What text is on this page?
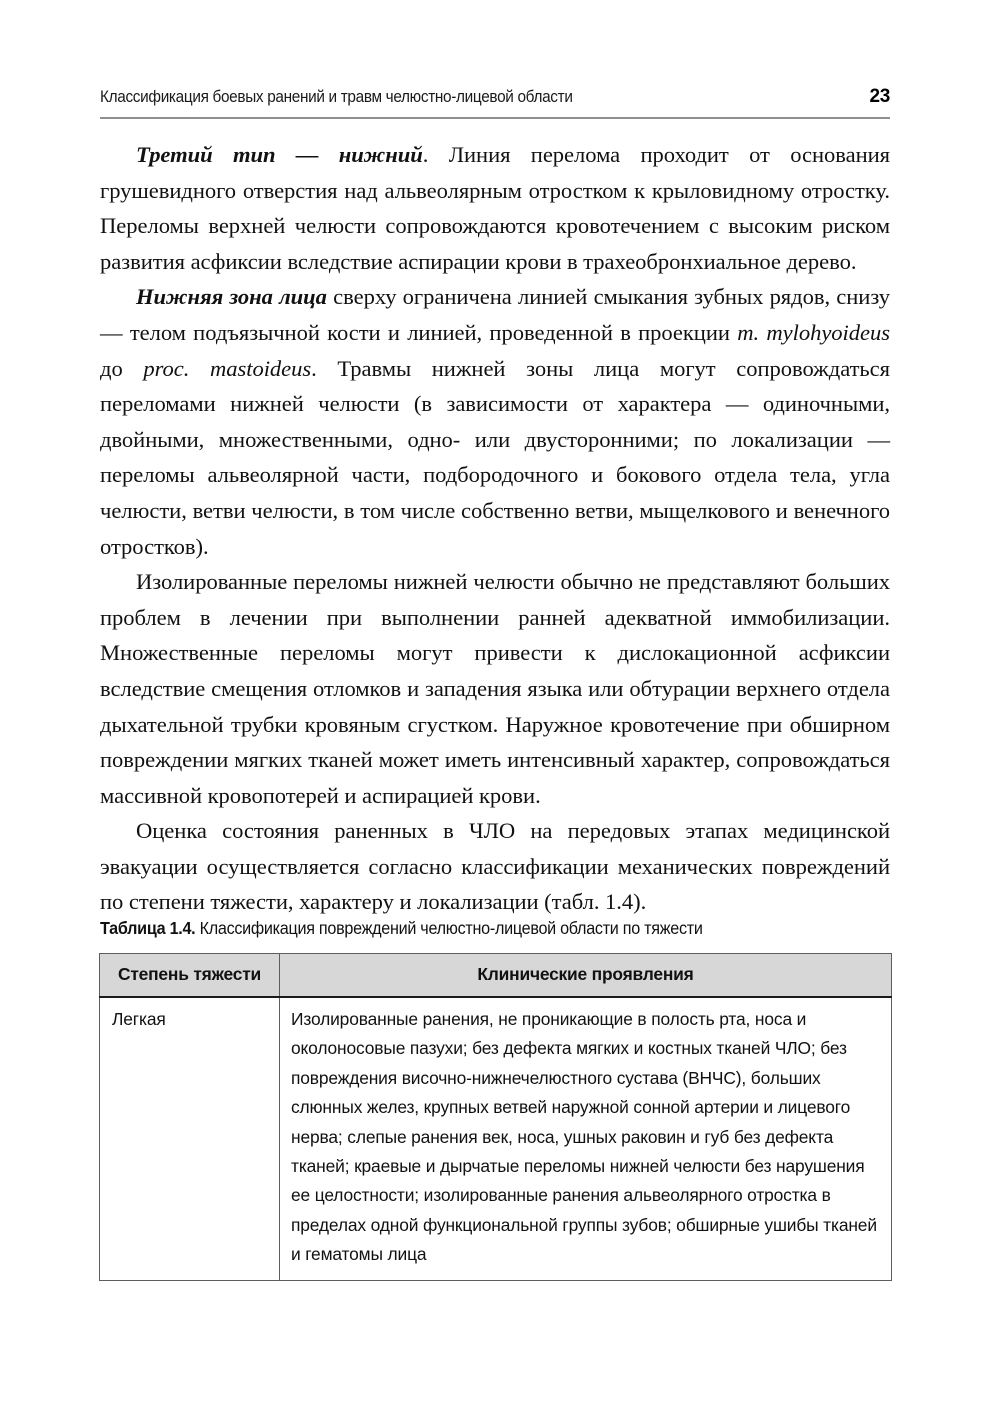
Классификация боевых ранений и травм челюстно-лицевой области	23

Третий тип — нижний. Линия перелома проходит от основания грушевидного отверстия над альвеолярным отростком к крыловидному отростку. Переломы верхней челюсти сопровождаются кровотечением с высоким риском развития асфиксии вследствие аспирации крови в трахеобронхиальное дерево.

Нижняя зона лица сверху ограничена линией смыкания зубных рядов, снизу — телом подъязычной кости и линией, проведенной в проекции m. mylohyoideus до proc. mastoideus. Травмы нижней зоны лица могут сопровождаться переломами нижней челюсти (в зависимости от характера — одиночными, двойными, множественными, одно- или двусторонними; по локализации — переломы альвеолярной части, подбородочного и бокового отдела тела, угла челюсти, ветви челюсти, в том числе собственно ветви, мыщелкового и венечного отростков).

Изолированные переломы нижней челюсти обычно не представляют больших проблем в лечении при выполнении ранней адекватной иммобилизации. Множественные переломы могут привести к дислокационной асфиксии вследствие смещения отломков и западения языка или обтурации верхнего отдела дыхательной трубки кровяным сгустком. Наружное кровотечение при обширном повреждении мягких тканей может иметь интенсивный характер, сопровождаться массивной кровопотерей и аспирацией крови.

Оценка состояния раненных в ЧЛО на передовых этапах медицинской эвакуации осуществляется согласно классификации механических повреждений по степени тяжести, характеру и локализации (табл. 1.4).

Таблица 1.4. Классификация повреждений челюстно-лицевой области по тяжести
Степень тяжести	Клинические проявления
Легкая	Изолированные ранения, не проникающие в полость рта, носа и околоносовые пазухи; без дефекта мягких и костных тканей ЧЛО; без повреждения височно-нижнечелюстного сустава (ВНЧС), больших слюнных желез, крупных ветвей наружной сонной артерии и лицевого нерва; слепые ранения век, носа, ушных раковин и губ без дефекта тканей; краевые и дырчатые переломы нижней челюсти без нарушения ее целостности; изолированные ранения альвеолярного отростка в пределах одной функциональной группы зубов; обширные ушибы тканей и гематомы лица
